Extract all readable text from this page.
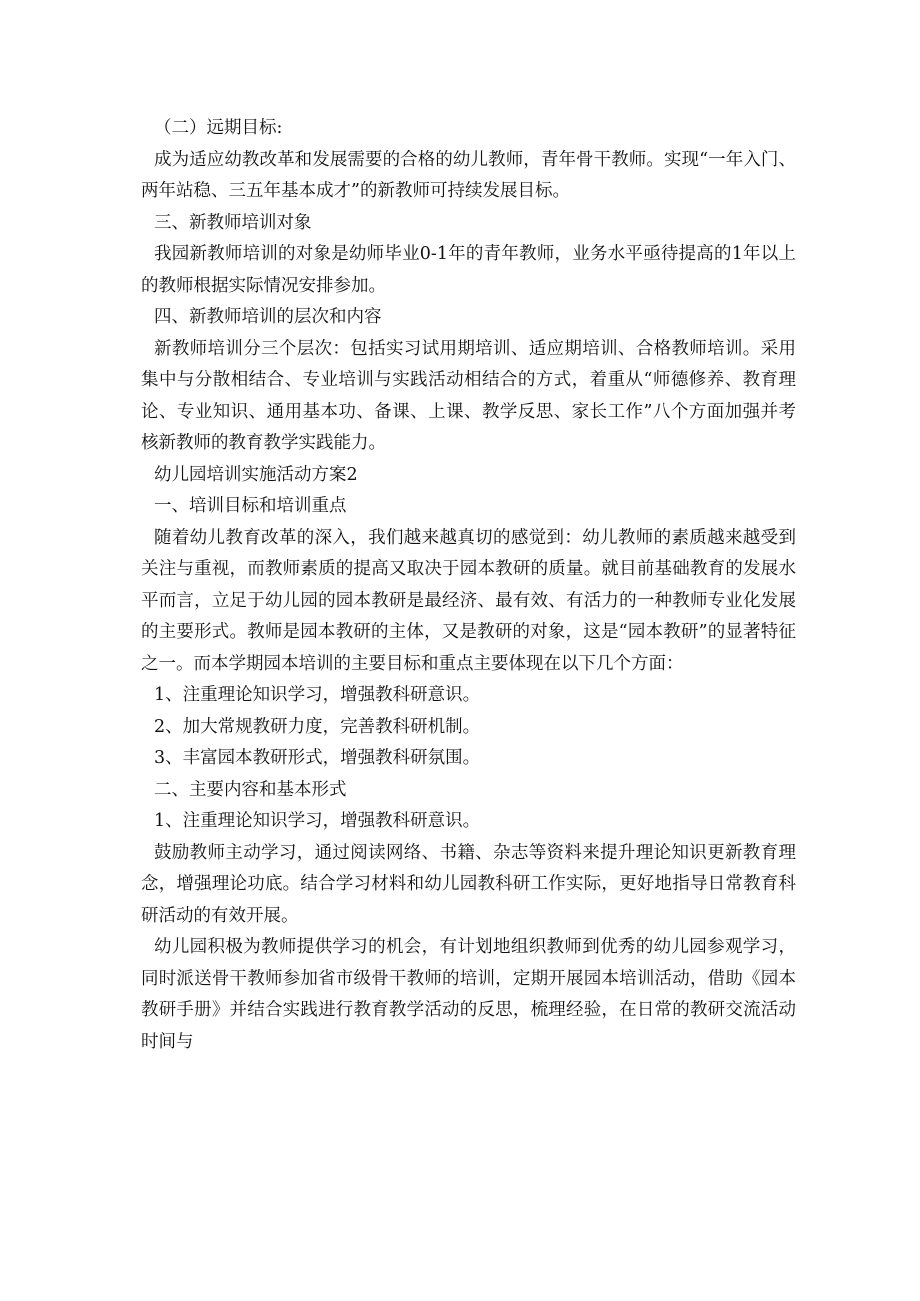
（二）远期目标:

成为适应幼教改革和发展需要的合格的幼儿教师，青年骨干教师。实现“一年入门、两年站稳、三五年基本成才”的新教师可持续发展目标。

三、新教师培训对象

我园新教师培训的对象是幼师毕业0-1年的青年教师，业务水平亟待提高的1年以上的教师根据实际情况安排参加。

四、新教师培训的层次和内容

新教师培训分三个层次：包括实习试用期培训、适应期培训、合格教师培训。采用集中与分散相结合、专业培训与实践活动相结合的方式，着重从“师德修养、教育理论、专业知识、通用基本功、备课、上课、教学反思、家长工作”八个方面加强并考核新教师的教育教学实践能力。

幼儿园培训实施活动方案2

一、培训目标和培训重点

随着幼儿教育改革的深入，我们越来越真切的感觉到：幼儿教师的素质越来越受到关注与重视，而教师素质的提高又取决于园本教研的质量。就目前基础教育的发展水平而言，立足于幼儿园的园本教研是最经济、最有效、有活力的一种教师专业化发展的主要形式。教师是园本教研的主体，又是教研的对象，这是“园本教研”的显著特征之一。而本学期园本培训的主要目标和重点主要体现在以下几个方面：

1、注重理论知识学习，增强教科研意识。

2、加大常规教研力度，完善教科研机制。

3、丰富园本教研形式，增强教科研氛围。

二、主要内容和基本形式

1、注重理论知识学习，增强教科研意识。

鼓励教师主动学习，通过阅读网络、书籍、杂志等资料来提升理论知识更新教育理念，增强理论功底。结合学习材料和幼儿园教科研工作实际，更好地指导日常教育科研活动的有效开展。

幼儿园积极为教师提供学习的机会，有计划地组织教师到优秀的幼儿园参观学习，同时派送骨干教师参加省市级骨干教师的培训，定期开展园本培训活动，借助《园本教研手册》并结合实践进行教育教学活动的反思，梳理经验，在日常的教研交流活动时间与
